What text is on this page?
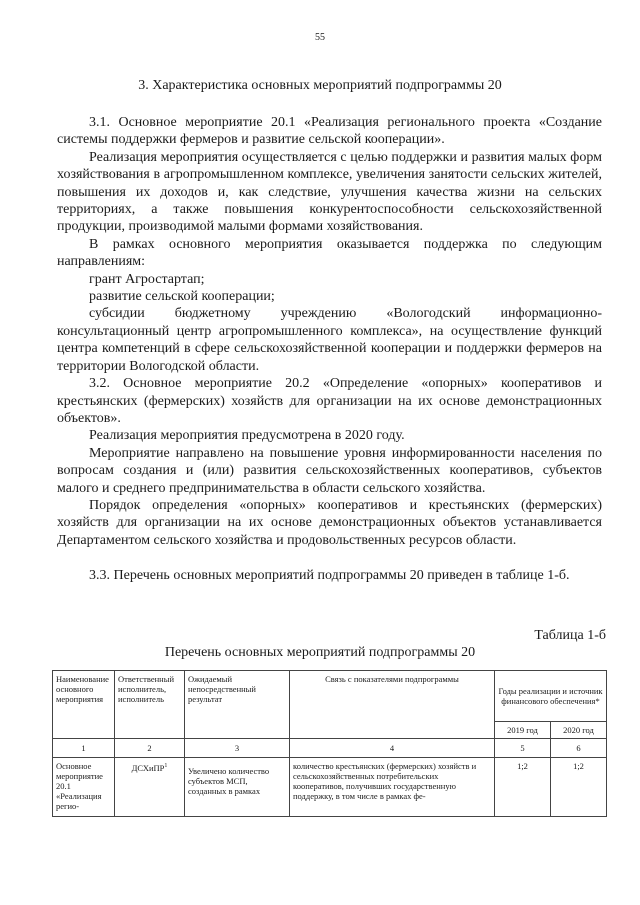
55
3. Характеристика основных мероприятий подпрограммы 20

3.1. Основное мероприятие 20.1 «Реализация регионального проекта «Создание системы поддержки фермеров и развитие сельской кооперации».

Реализация мероприятия осуществляется с целью поддержки и развития малых форм хозяйствования в агропромышленном комплексе, увеличения занятости сельских жителей, повышения их доходов и, как следствие, улучшения качества жизни на сельских территориях, а также повышения конкурентоспособности сельскохозяйственной продукции, производимой малыми формами хозяйствования.

В рамках основного мероприятия оказывается поддержка по следующим направлениям:

грант Агростартап;

развитие сельской кооперации;

субсидии бюджетному учреждению «Вологодский информационно-консультационный центр агропромышленного комплекса», на осуществление функций центра компетенций в сфере сельскохозяйственной кооперации и поддержки фермеров на территории Вологодской области.

3.2. Основное мероприятие 20.2 «Определение «опорных» кооперативов и крестьянских (фермерских) хозяйств для организации на их основе демонстрационных объектов».

Реализация мероприятия предусмотрена в 2020 году.

Мероприятие направлено на повышение уровня информированности населения по вопросам создания и (или) развития сельскохозяйственных кооперативов, субъектов малого и среднего предпринимательства в области сельского хозяйства.

Порядок определения «опорных» кооперативов и крестьянских (фермерских) хозяйств для организации на их основе демонстрационных объектов устанавливается Департаментом сельского хозяйства и продовольственных ресурсов области.

3.3. Перечень основных мероприятий подпрограммы 20 приведен в таблице 1-б.

Таблица 1-б
Перечень основных мероприятий подпрограммы 20
Наименование основного мероприятия	Ответственный исполнитель, исполнитель	Ожидаемый непосредственный результат	Связь с показателями подпрограммы	Годы реализации и источник финансового обеспечения*	
				2019 год	2020 год
1	2	3	4	5	6
Основное мероприятие 20.1 «Реализация регио-	ДСХиПР$^1$	Увеличено количество субъектов МСП, созданных в рамках	количество крестьянских (фермерских) хозяйств и сельскохозяйственных потребительских кооперативов, получивших государственную поддержку, в том числе в рамках фе-	1;2	1;2
